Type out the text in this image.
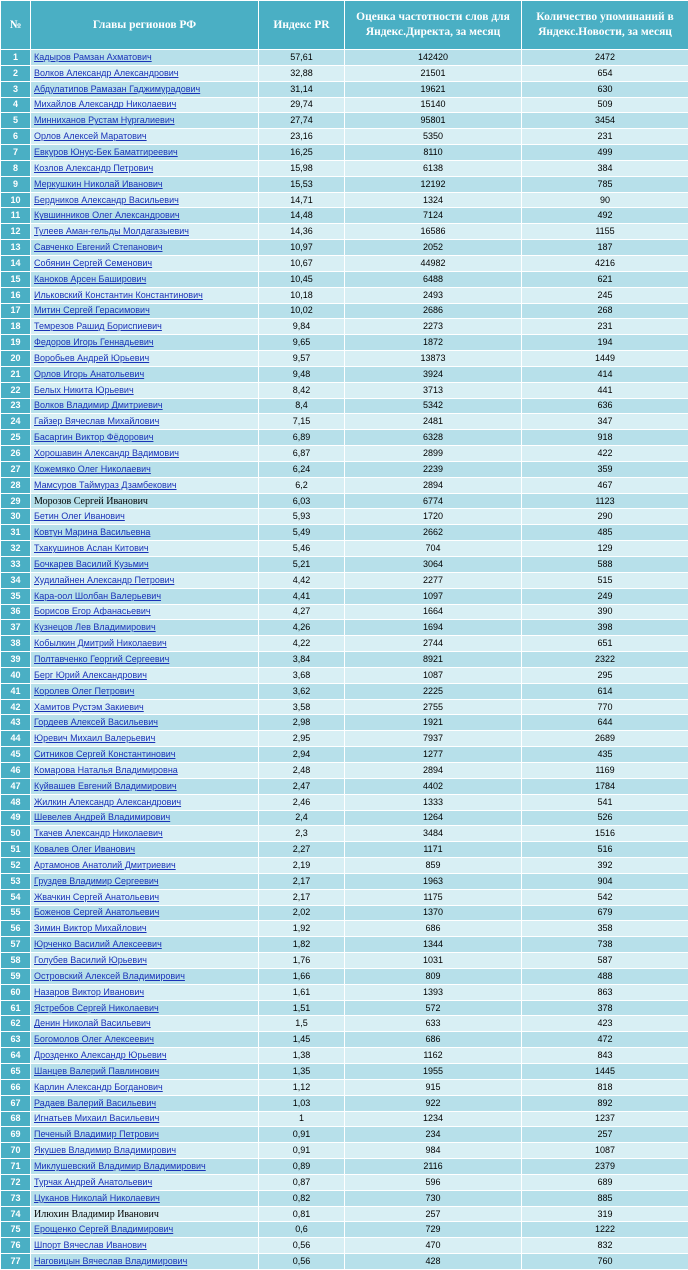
№	Главы регионов РФ	Индекс PR	Оценка частотности слов для Яндекс.Директа, за месяц	Количество упоминаний в Яндекс.Новости, за месяц
1	Кадыров Рамзан Ахматович	57,61	142420	2472
2	Волков Александр Александрович	32,88	21501	654
3	Абдулатипов Рамазан Гаджимурадович	31,14	19621	630
4	Михайлов Александр Николаевич	29,74	15140	509
5	Минниханов Рустам Нургалиевич	27,74	95801	3454
6	Орлов Алексей Маратович	23,16	5350	231
7	Евкуров Юнус-Бек Баматгиреевич	16,25	8110	499
8	Козлов Александр Петрович	15,98	6138	384
9	Меркушкин Николай Иванович	15,53	12192	785
10	Бердников Александр Васильевич	14,71	1324	90
11	Кувшинников Олег Александрович	14,48	7124	492
12	Тулеев Аман-гельды Молдагазыевич	14,36	16586	1155
13	Савченко Евгений Степанович	10,97	2052	187
14	Собянин Сергей Семенович	10,67	44982	4216
15	Каноков Арсен Баширович	10,45	6488	621
16	Ильковский Константин Константинович	10,18	2493	245
17	Митин Сергей Герасимович	10,02	2686	268
18	Темрезов Рашид Бориспиевич	9,84	2273	231
19	Федоров Игорь Геннадьевич	9,65	1872	194
20	Воробьев Андрей Юрьевич	9,57	13873	1449
21	Орлов Игорь Анатольевич	9,48	3924	414
22	Белых Никита Юрьевич	8,42	3713	441
23	Волков Владимир Дмитриевич	8,4	5342	636
24	Гайзер Вячеслав Михайлович	7,15	2481	347
25	Басаргин Виктор Фёдорович	6,89	6328	918
26	Хорошавин Александр Вадимович	6,87	2899	422
27	Кожемяко Олег Николаевич	6,24	2239	359
28	Мамсуров Таймураз Дзамбекович	6,2	2894	467
29	Морозов Сергей Иванович	6,03	6774	1123
30	Бетин Олег Иванович	5,93	1720	290
31	Ковтун Марина Васильевна	5,49	2662	485
32	Тхакушинов Аслан Китович	5,46	704	129
33	Бочкарев Василий Кузьмич	5,21	3064	588
34	Худилайнен Александр Петрович	4,42	2277	515
35	Кара-оол Шолбан Валерьевич	4,41	1097	249
36	Борисов Егор Афанасьевич	4,27	1664	390
37	Кузнецов Лев Владимирович	4,26	1694	398
38	Кобылкин Дмитрий Николаевич	4,22	2744	651
39	Полтавченко Георгий Сергеевич	3,84	8921	2322
40	Берг Юрий Александрович	3,68	1087	295
41	Королев Олег Петрович	3,62	2225	614
42	Хамитов Рустэм Закиевич	3,58	2755	770
43	Гордеев Алексей Васильевич	2,98	1921	644
44	Юревич Михаил Валерьевич	2,95	7937	2689
45	Ситников Сергей Константинович	2,94	1277	435
46	Комарова Наталья Владимировна	2,48	2894	1169
47	Куйвашев Евгений Владимирович	2,47	4402	1784
48	Жилкин Александр Александрович	2,46	1333	541
49	Шевелев Андрей Владимирович	2,4	1264	526
50	Ткачев Александр Николаевич	2,3	3484	1516
51	Ковалев Олег Иванович	2,27	1171	516
52	Артамонов Анатолий Дмитриевич	2,19	859	392
53	Груздев Владимир Сергеевич	2,17	1963	904
54	Жвачкин Сергей Анатольевич	2,17	1175	542
55	Боженов Сергей Анатольевич	2,02	1370	679
56	Зимин Виктор Михайлович	1,92	686	358
57	Юрченко Василий Алексеевич	1,82	1344	738
58	Голубев Василий Юрьевич	1,76	1031	587
59	Островский Алексей Владимирович	1,66	809	488
60	Назаров Виктор Иванович	1,61	1393	863
61	Ястребов Сергей Николаевич	1,51	572	378
62	Денин Николай Васильевич	1,5	633	423
63	Богомолов Олег Алексеевич	1,45	686	472
64	Дрозденко Александр Юрьевич	1,38	1162	843
65	Шанцев Валерий Павлинович	1,35	1955	1445
66	Карлин Александр Богданович	1,12	915	818
67	Радаев Валерий Васильевич	1,03	922	892
68	Игнатьев Михаил Васильевич	1	1234	1237
69	Печеный Владимир Петрович	0,91	234	257
70	Якушев Владимир Владимирович	0,91	984	1087
71	Миклушевский Владимир Владимирович	0,89	2116	2379
72	Турчак Андрей Анатольевич	0,87	596	689
73	Цуканов Николай Николаевич	0,82	730	885
74	Илюхин Владимир Иванович	0,81	257	319
75	Ерощенко Сергей Владимирович	0,6	729	1222
76	Шпорт Вячеслав Иванович	0,56	470	832
77	Наговицын Вячеслав Владимирович	0,56	428	760
